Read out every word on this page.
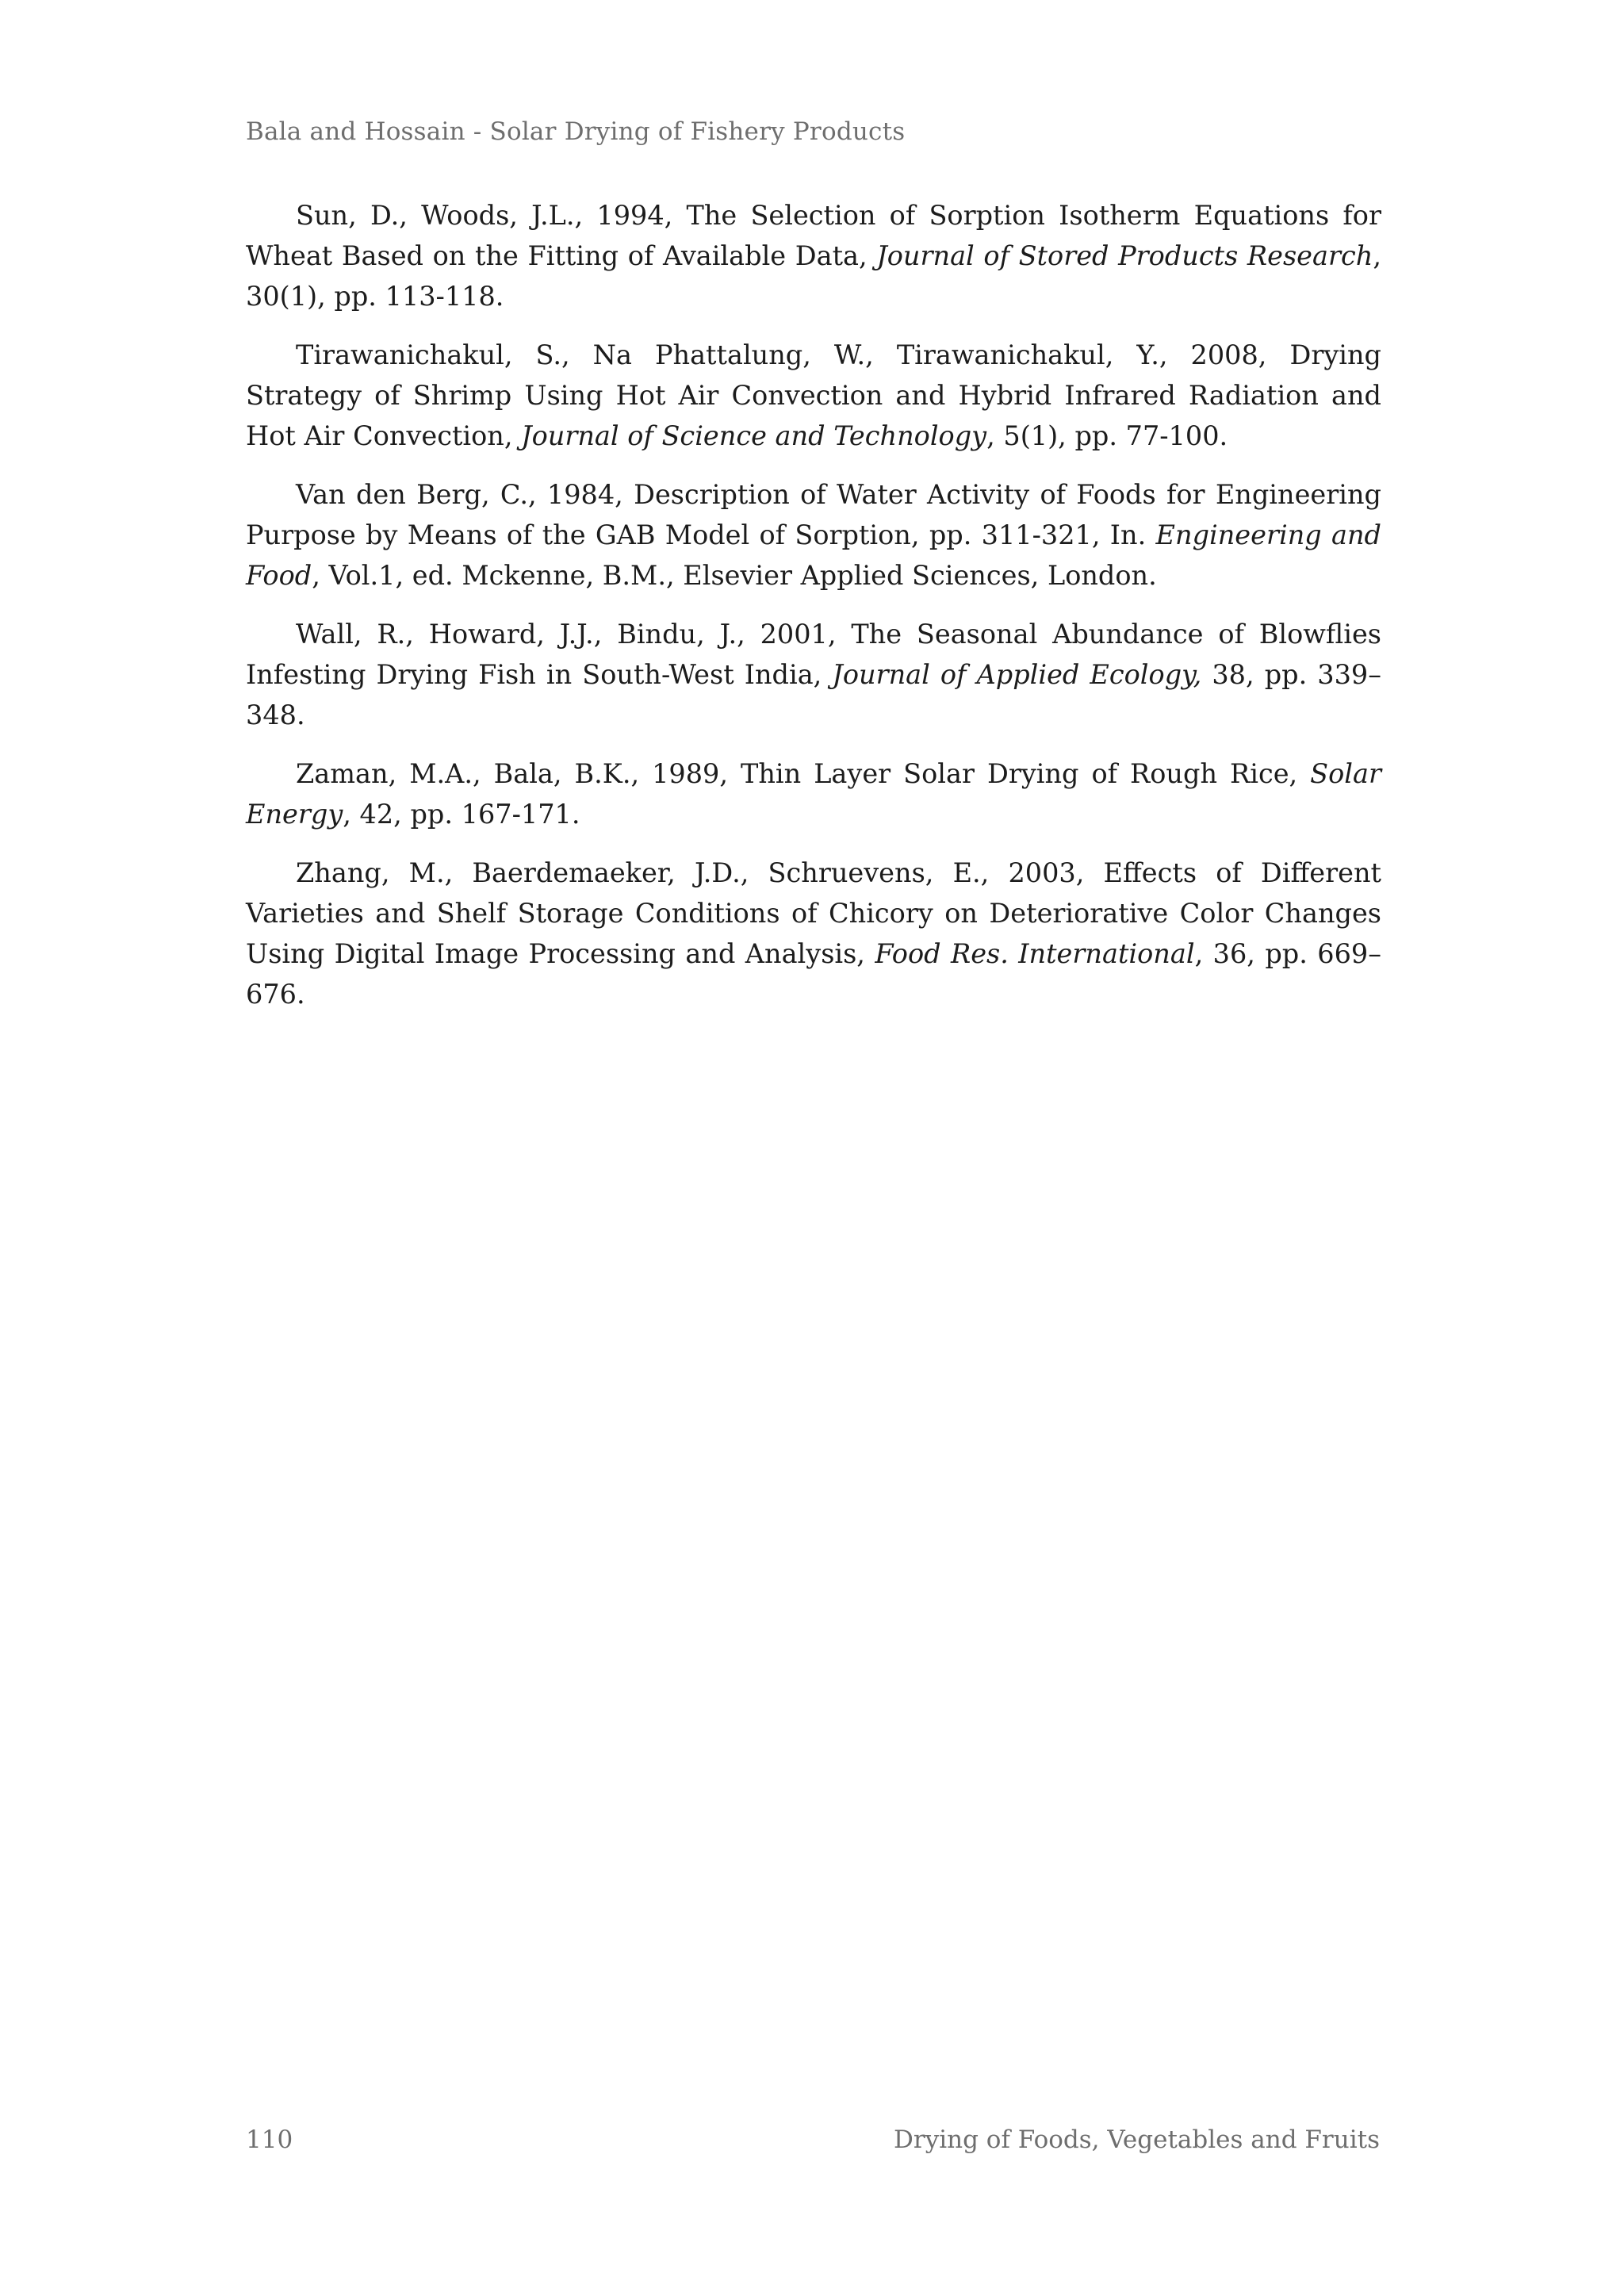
Bala and Hossain - Solar Drying of Fishery Products

Sun, D., Woods, J.L., 1994, The Selection of Sorption Isotherm Equations for Wheat Based on the Fitting of Available Data, Journal of Stored Products Research, 30(1), pp. 113-118.

Tirawanichakul, S., Na Phattalung, W., Tirawanichakul, Y., 2008, Drying Strategy of Shrimp Using Hot Air Convection and Hybrid Infrared Radiation and Hot Air Convection, Journal of Science and Technology, 5(1), pp. 77-100.

Van den Berg, C., 1984, Description of Water Activity of Foods for Engineering Purpose by Means of the GAB Model of Sorption, pp. 311-321, In. Engineering and Food, Vol.1, ed. Mckenne, B.M., Elsevier Applied Sciences, London.

Wall, R., Howard, J.J., Bindu, J., 2001, The Seasonal Abundance of Blowflies Infesting Drying Fish in South-West India, Journal of Applied Ecology, 38, pp. 339–348.

Zaman, M.A., Bala, B.K., 1989, Thin Layer Solar Drying of Rough Rice, Solar Energy, 42, pp. 167-171.

Zhang, M., Baerdemaeker, J.D., Schruevens, E., 2003, Effects of Different Varieties and Shelf Storage Conditions of Chicory on Deteriorative Color Changes Using Digital Image Processing and Analysis, Food Res. International, 36, pp. 669–676.

110	Drying of Foods, Vegetables and Fruits
